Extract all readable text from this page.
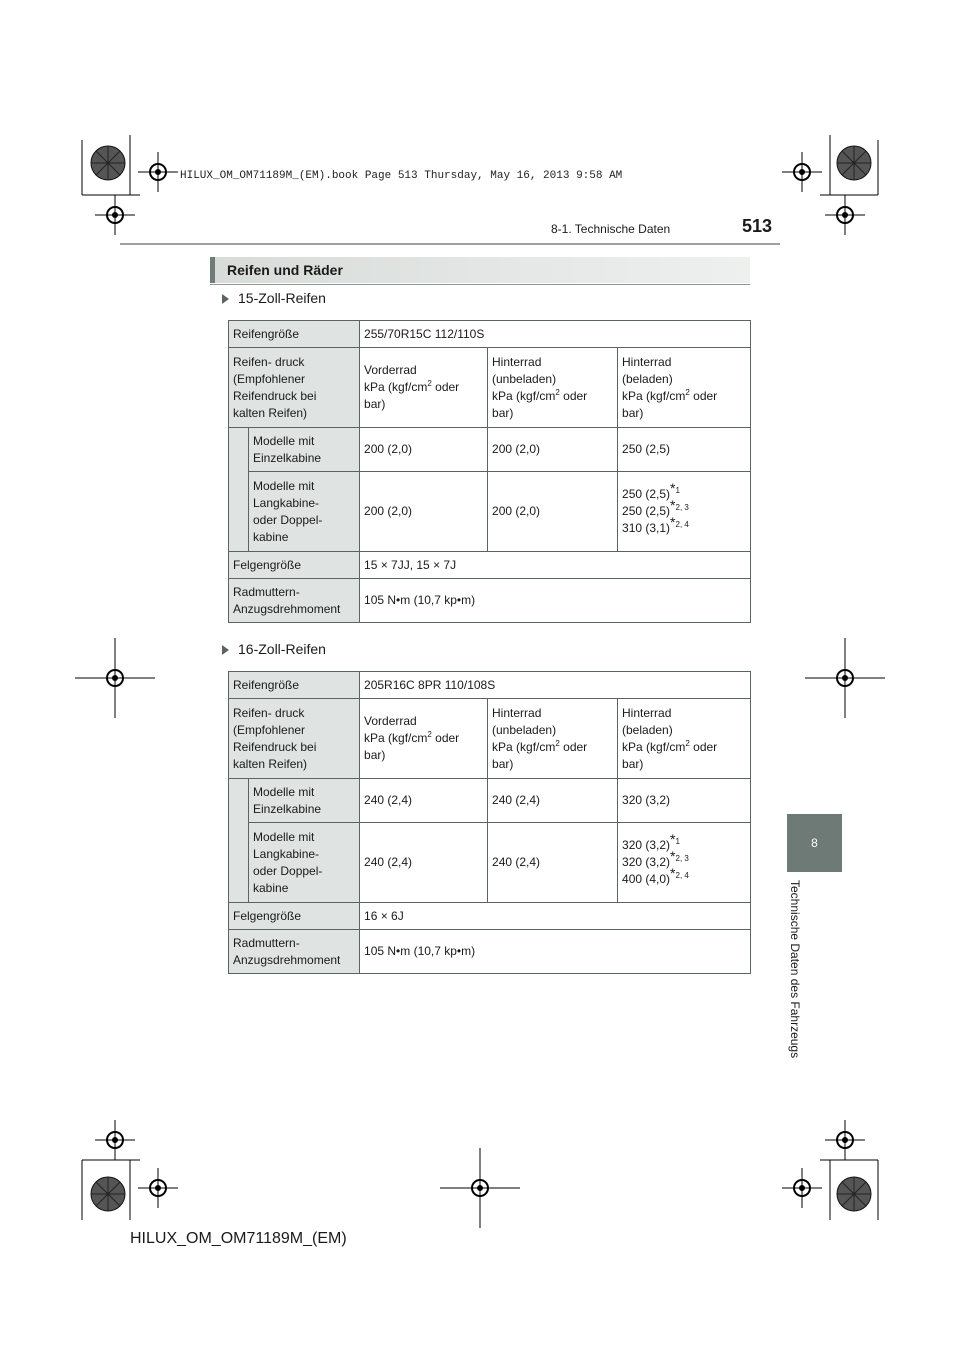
HILUX_OM_OM71189M_(EM).book Page 513 Thursday, May 16, 2013 9:58 AM
8-1. Technische Daten	513
Reifen und Räder
8
Technische Daten des Fahrzeugs
15-Zoll-Reifen
Reifengröße		255/70R15C 112/110S		
Reifen- druck
(Empfohlener
Reifendruck bei
kalten Reifen)		Vorderrad
kPa ($kgf/cm^2$ oder
bar)	Hinterrad
(unbeladen)
kPa ($kgf/cm^2$ oder
bar)	Hinterrad
(beladen)
kPa ($kgf/cm^2$ oder
bar)
	Modelle mit
Einzelkabine	200 (2,0)	200 (2,0)	250 (2,5)
	Modelle mit
Langkabine-
oder Doppel-
kabine	200 (2,0)	200 (2,0)	250 $(2,5)^{*1}$
250 $(2,5)^{*2, 3}$
310 $(3,1)^{*2, 4}$
Felgengröße		15 × 7JJ, 15 × 7J		
Radmuttern-
Anzugsdrehmoment		105 N•m (10,7 kp•m)		
16-Zoll-Reifen
Reifengröße		205R16C 8PR 110/108S		
Reifen- druck
(Empfohlener
Reifendruck bei
kalten Reifen)		Vorderrad
kPa ($kgf/cm^2$ oder
bar)	Hinterrad
(unbeladen)
kPa ($kgf/cm^2$ oder
bar)	Hinterrad
(beladen)
kPa ($kgf/cm^2$ oder
bar)
	Modelle mit
Einzelkabine	240 (2,4)	240 (2,4)	320 (3,2)
	Modelle mit
Langkabine-
oder Doppel-
kabine	240 (2,4)	240 (2,4)	320 $(3,2)^{*1}$
320 $(3,2)^{*2, 3}$
400 $(4,0)^{*2, 4}$
Felgengröße		16 × 6J		
Radmuttern-
Anzugsdrehmoment		105 N•m (10,7 kp•m)		
HILUX_OM_OM71189M_(EM)
